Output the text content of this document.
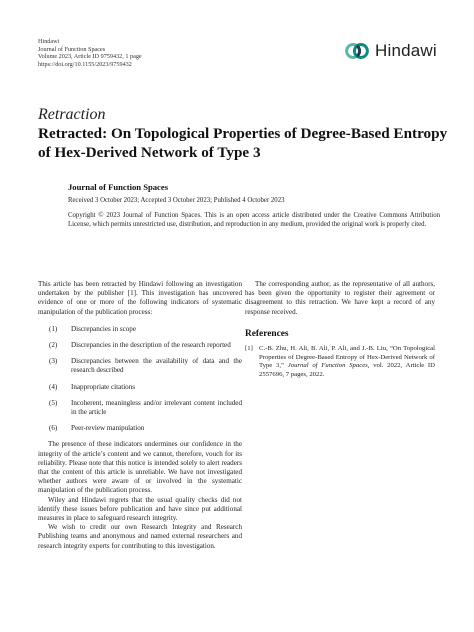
Hindawi
Journal of Function Spaces
Volume 2023, Article ID 9759432, 1 page
https://doi.org/10.1155/2023/9759432
Hindawi
Retraction
Retracted: On Topological Properties of Degree-Based Entropy of Hex-Derived Network of Type 3
Journal of Function Spaces
Received 3 October 2023; Accepted 3 October 2023; Published 4 October 2023
Copyright © 2023 Journal of Function Spaces. This is an open access article distributed under the Creative Commons Attribution License, which permits unrestricted use, distribution, and reproduction in any medium, provided the original work is properly cited.

This article has been retracted by Hindawi following an investigation undertaken by the publisher [1]. This investigation has uncovered evidence of one or more of the following indicators of systematic manipulation of the publication process:

(1)	Discrepancies in scope
(2)	Discrepancies in the description of the research reported
(3)	Discrepancies between the availability of data and the research described
(4)	Inappropriate citations
(5)	Incoherent, meaningless and/or irrelevant content included in the article
(6)	Peer-review manipulation

The presence of these indicators undermines our confidence in the integrity of the article’s content and we cannot, therefore, vouch for its reliability. Please note that this notice is intended solely to alert readers that the content of this article is unreliable. We have not investigated whether authors were aware of or involved in the systematic manipulation of the publication process.

Wiley and Hindawi regrets that the usual quality checks did not identify these issues before publication and have since put additional measures in place to safeguard research integrity.

We wish to credit our own Research Integrity and Research Publishing teams and anonymous and named external researchers and research integrity experts for contributing to this investigation.

The corresponding author, as the representative of all authors, has been given the opportunity to register their agreement or disagreement to this retraction. We have kept a record of any response received.

References
[1] C.-B. Zhu, H. Ali, B. Ali, P. Ali, and J.-B. Liu, “On Topological Properties of Degree-Based Entropy of Hex-Derived Network of Type 3,” Journal of Function Spaces, vol. 2022, Article ID 2557696, 7 pages, 2022.
